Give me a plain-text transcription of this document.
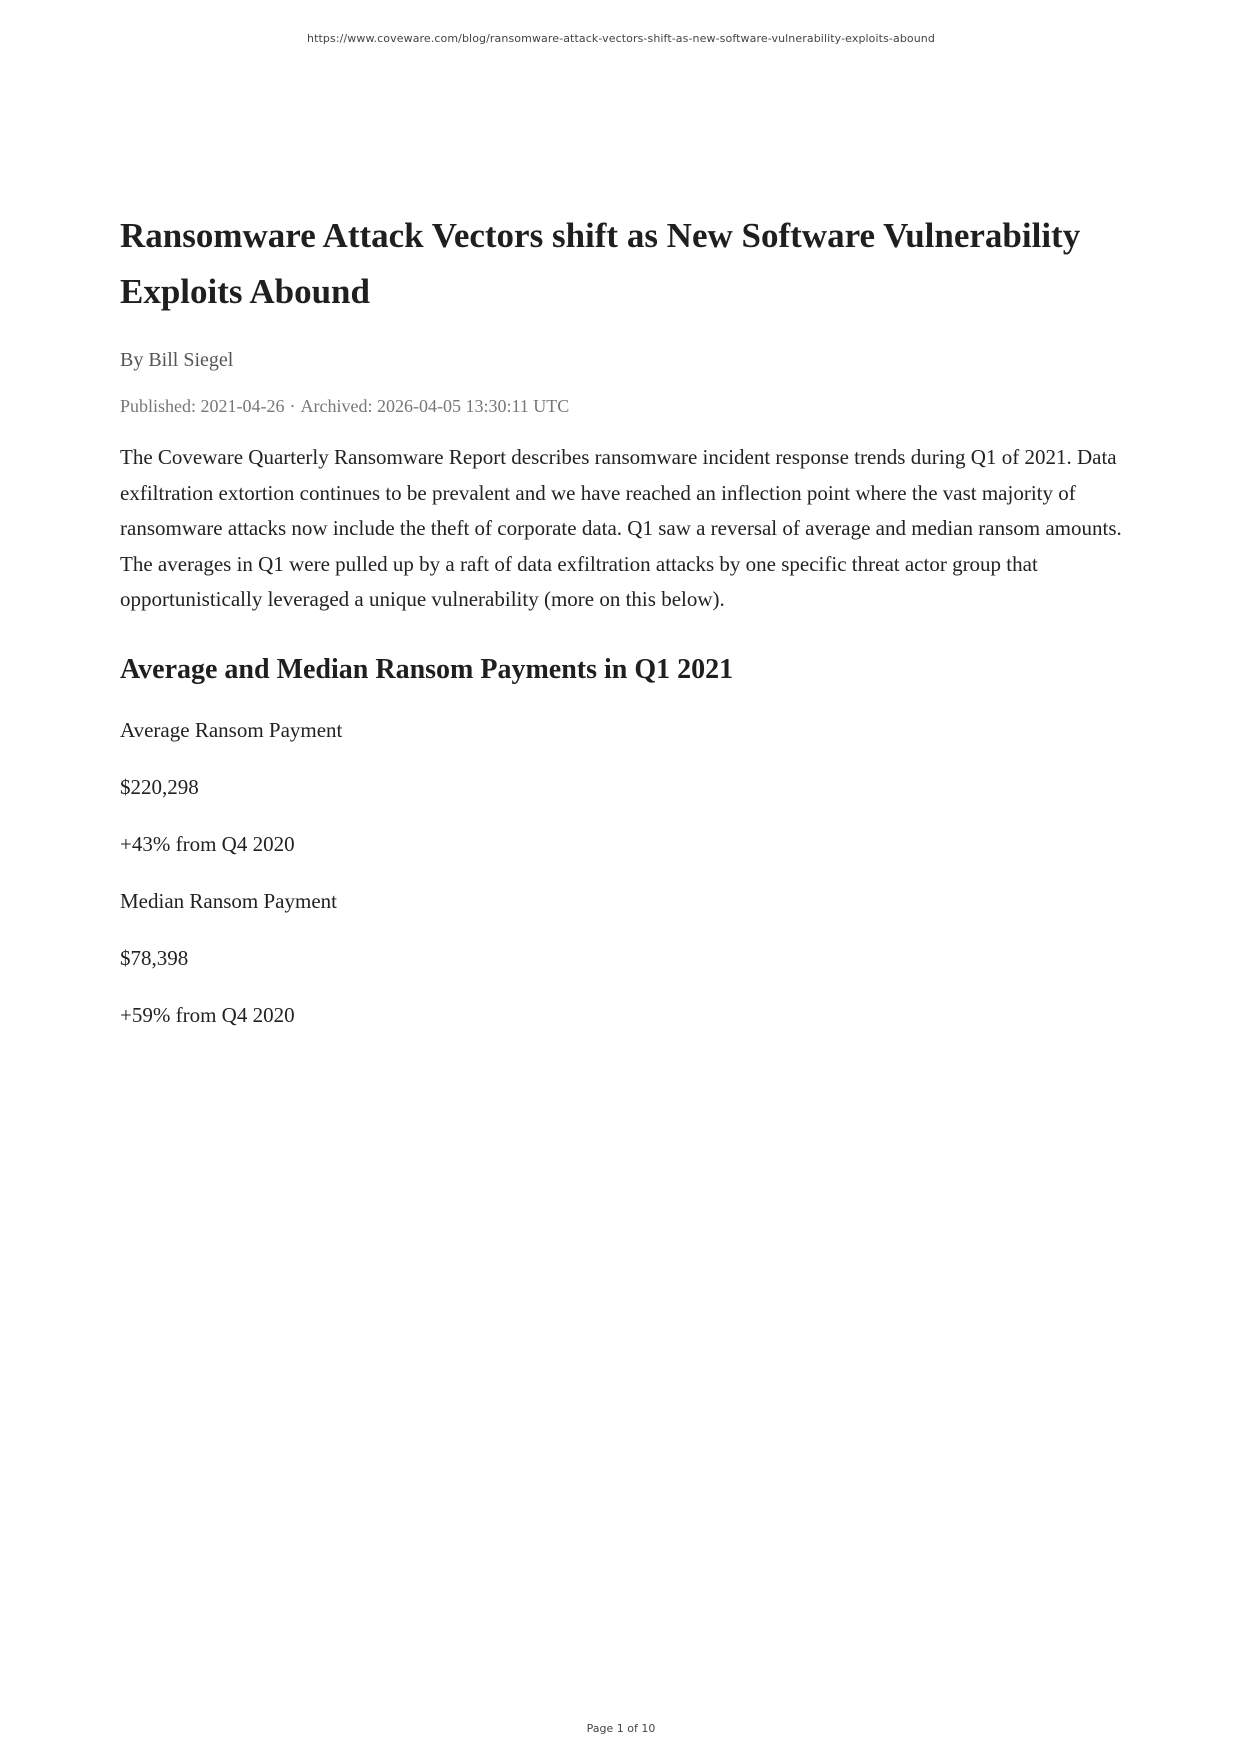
https://www.coveware.com/blog/ransomware-attack-vectors-shift-as-new-software-vulnerability-exploits-abound
Ransomware Attack Vectors shift as New Software Vulnerability Exploits Abound
By Bill Siegel
Published: 2021-04-26 · Archived: 2026-04-05 13:30:11 UTC

The Coveware Quarterly Ransomware Report describes ransomware incident response trends during Q1 of 2021. Data exfiltration extortion continues to be prevalent and we have reached an inflection point where the vast majority of ransomware attacks now include the theft of corporate data. Q1 saw a reversal of average and median ransom amounts. The averages in Q1 were pulled up by a raft of data exfiltration attacks by one specific threat actor group that opportunistically leveraged a unique vulnerability (more on this below).

Average and Median Ransom Payments in Q1 2021
Average Ransom Payment
$220,298
+43% from Q4 2020
Median Ransom Payment
$78,398
+59% from Q4 2020
Page 1 of 10
